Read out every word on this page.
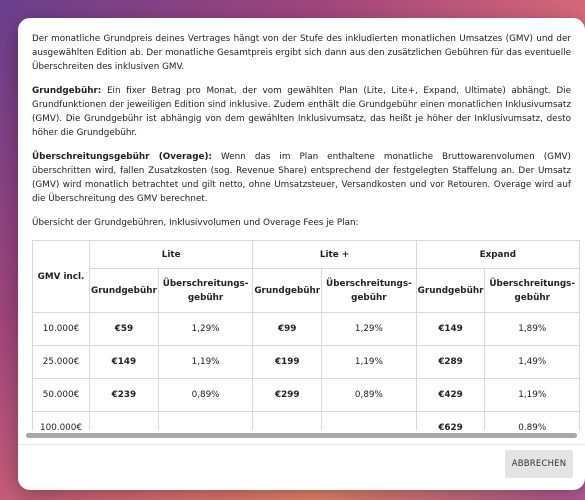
Der monatliche Grundpreis deines Vertrages hängt von der Stufe des inkludierten monatlichen Umsatzes (GMV) und der ausgewählten Edition ab. Der monatliche Gesamtpreis ergibt sich dann aus den zusätzlichen Gebühren für das eventuelle Überschreiten des inklusiven GMV.

Grundgebühr: Ein fixer Betrag pro Monat, der vom gewählten Plan (Lite, Lite+, Expand, Ultimate) abhängt. Die Grundfunktionen der jeweiligen Edition sind inklusive. Zudem enthält die Grundgebühr einen monatlichen Inklusivumsatz (GMV). Die Grundgebühr ist abhängig von dem gewählten Inklusivumsatz, das heißt je höher der Inklusivumsatz, desto höher die Grundgebühr.

Überschreitungsgebühr (Overage): Wenn das im Plan enthaltene monatliche Bruttowarenvolumen (GMV) überschritten wird, fallen Zusatzkosten (sog. Revenue Share) entsprechend der festgelegten Staffelung an. Der Umsatz (GMV) wird monatlich betrachtet und gilt netto, ohne Umsatzsteuer, Versandkosten und vor Retouren. Overage wird auf die Überschreitung des GMV berechnet.

Übersicht der Grundgebühren, Inklusivvolumen und Overage Fees je Plan:

GMV incl.	Lite		Lite +		Expand	
	Grundgebühr	Überschreitungs-gebühr	Grundgebühr	Überschreitungs-gebühr	Grundgebühr	Überschreitungs-gebühr
10.000€	€59	1,29%	€99	1,29%	€149	1,89%
25.000€	€149	1,19%	€199	1,19%	€289	1,49%
50.000€	€239	0,89%	€299	0,89%	€429	1,19%
100.000€					€629	0,89%

ABBRECHEN
